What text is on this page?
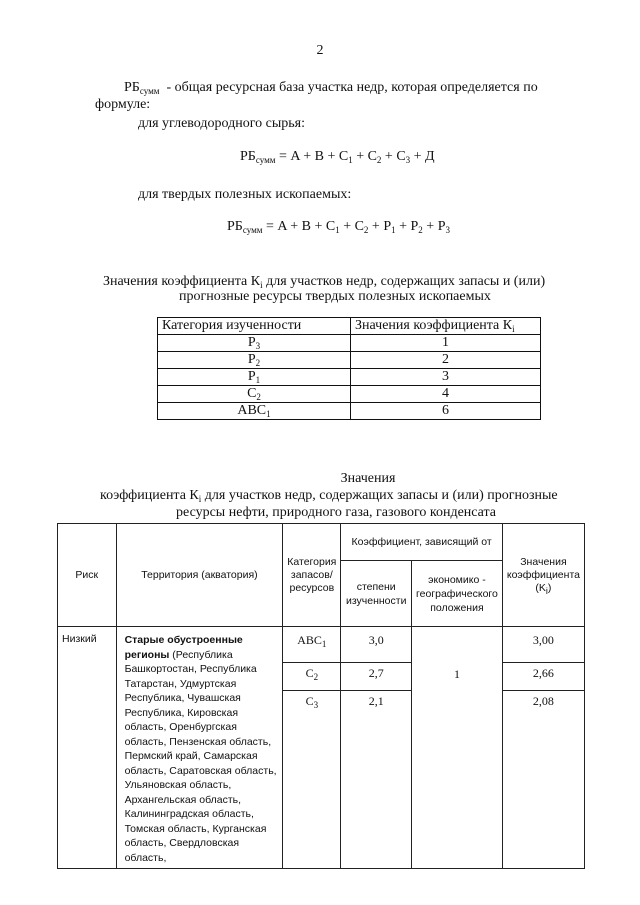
2
$РБ_{сумм}$ - общая ресурсная база участка недр, которая определяется по
формуле:
для углеводородного сырья:
$РБ_{сумм} = A + B + C_1 + C_2 + C_3 + Д$
для твердых полезных ископаемых:
$РБ_{сумм} = A + B + C_1 + C_2 + P_1 + P_2 + P_3$
Значения коэффициента $К_i$ для участков недр, содержащих запасы и (или)
прогнозные ресурсы твердых полезных ископаемых
Категория изученности	Значения коэффициента $К_i$
$P_3$	1
$P_2$	2
$P_1$	3
$C_2$	4
$ABC_1$	6
Значения
коэффициента $К_i$ для участков недр, содержащих запасы и (или) прогнозные
ресурсы нефти, природного газа, газового конденсата
Риск	Территория (акватория)	Категория запасов/ ресурсов	Коэффициент, зависящий от		Значения коэффициента
$(K_i)$
			степени изученности	экономико - географического положения	
Низкий	Старые обустроенные регионы (Республика Башкортостан, Республика Татарстан, Удмуртская Республика, Чувашская Республика, Кировская область, Оренбургская область, Пензенская область, Пермский край, Самарская область, Саратовская область, Ульяновская область, Архангельская область, Калининградская область, Томская область, Курганская область, Свердловская область,	$ABC_1$	3,0	1	3,00
		$C_2$	2,7		2,66
		$C_3$	2,1		2,08
